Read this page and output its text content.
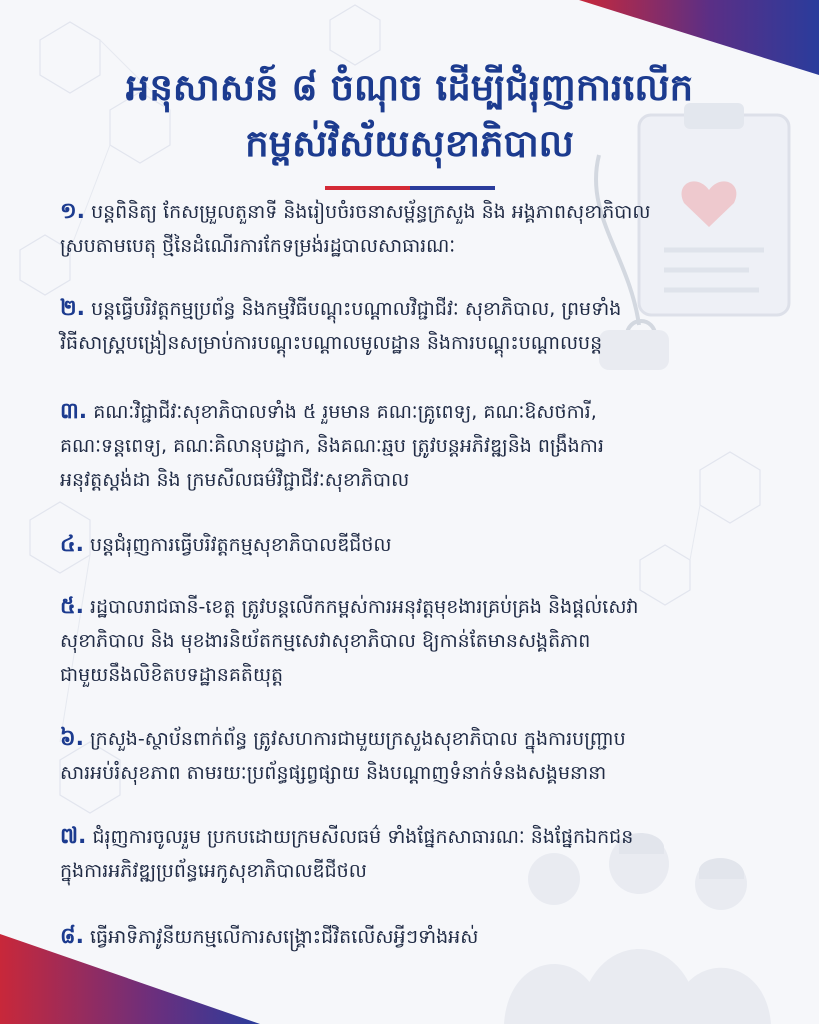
អនុសាសន៍ ៨ ចំណុច ដើម្បីជំរុញការលើក
កម្ពស់វិស័យសុខាភិបាល

១. បន្តពិនិត្យ កែសម្រួលតួនាទី និងរៀបចំរចនាសម្ព័ន្ធក្រសួង និង អង្គភាពសុខាភិបាល

ស្របតាមបេតុ ថ្មីនៃដំណើរការកែទម្រង់រដ្ឋបាលសាធារណៈ

២. បន្តធ្វើបរិវត្តកម្មប្រព័ន្ធ និងកម្មវិធីបណ្តុះបណ្តាលវិជ្ជាជីវៈ សុខាភិបាល, ព្រមទាំង

វិធីសាស្ត្របង្រៀនសម្រាប់ការបណ្តុះបណ្តាលមូលដ្ឋាន និងការបណ្តុះបណ្តាលបន្ត

៣. គណៈវិជ្ជាជីវៈសុខាភិបាលទាំង ៥ រួមមាន គណៈគ្រូពេទ្យ, គណៈឱសថការី,

គណៈទន្តពេទ្យ, គណៈគិលានុបដ្ឋាក, និងគណៈឆ្មប ត្រូវបន្តអភិវឌ្ឍនិង ពង្រឹងការ

អនុវត្តស្តង់ដា និង ក្រមសីលធម៌វិជ្ជាជីវៈសុខាភិបាល

៤. បន្តជំរុញការធ្វើបរិវត្តកម្មសុខាភិបាលឌីជីថល

៥. រដ្ឋបាលរាជធានី-ខេត្ត ត្រូវបន្តលើកកម្ពស់ការអនុវត្តមុខងារគ្រប់គ្រង និងផ្តល់សេវា

សុខាភិបាល និង មុខងារនិយ័តកម្មសេវាសុខាភិបាល ឱ្យកាន់តែមានសង្គតិភាព

ជាមួយនឹងលិខិតបទដ្ឋានគតិយុត្ត

៦. ក្រសួង-ស្ថាប័នពាក់ព័ន្ធ ត្រូវសហការជាមួយក្រសួងសុខាភិបាល ក្នុងការបញ្ជ្រាប

សារអប់រំសុខភាព តាមរយៈប្រព័ន្ធផ្សព្វផ្សាយ និងបណ្តាញទំនាក់ទំនងសង្គមនានា

៧. ជំរុញការចូលរួម ប្រកបដោយក្រមសីលធម៌ ទាំងផ្នែកសាធារណៈ និងផ្នែកឯកជន

ក្នុងការអភិវឌ្ឍប្រព័ន្ធអេកូសុខាភិបាលឌីជីថល

៨. ធ្វើអាទិភាវូនីយកម្មលើការសង្គ្រោះជីវិតលើសអ្វីៗទាំងអស់
